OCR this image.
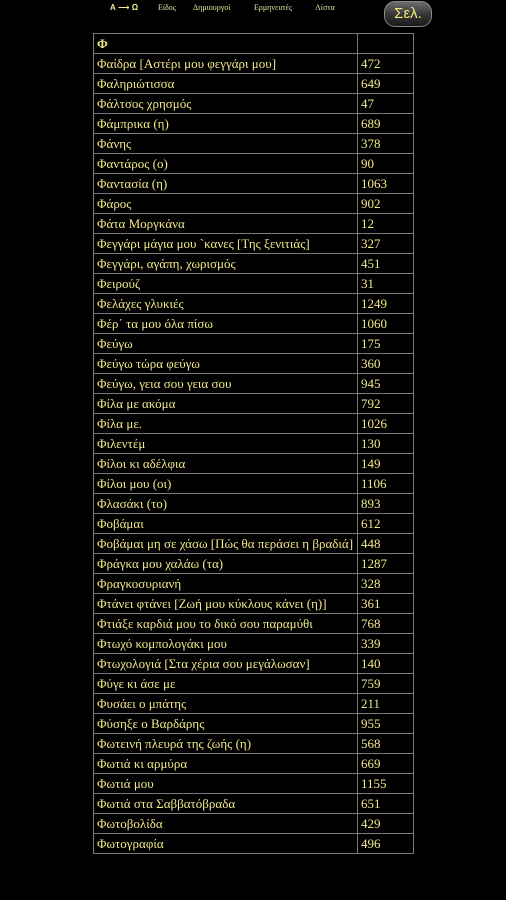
Α ⟶ Ω Είδος Δημιουργοί	Ερμηνευτές	Λίστα	Σελ.
Φ	
Φαίδρα [Αστέρι μου φεγγάρι μου]	472
Φαληριώτισσα	649
Φάλτσος χρησμός	47
Φάμπρικα (η)	689
Φάνης	378
Φαντάρος (ο)	90
Φαντασία (η)	1063
Φάρος	902
Φάτα Μοργκάνα	12
Φεγγάρι μάγια μου `κανες [Της ξενιτιάς]	327
Φεγγάρι, αγάπη, χωρισμός	451
Φειρούζ	31
Φελάχες γλυκιές	1249
Φέρ΄ τα μου όλα πίσω	1060
Φεύγω	175
Φεύγω τώρα φεύγω	360
Φεύγω, γεια σου γεια σου	945
Φίλα με ακόμα	792
Φίλα με.	1026
Φιλεντέμ	130
Φίλοι κι αδέλφια	149
Φίλοι μου (οι)	1106
Φλασάκι (το)	893
Φοβάμαι	612
Φοβάμαι μη σε χάσω [Πώς θα περάσει η βραδιά]	448
Φράγκα μου χαλάω (τα)	1287
Φραγκοσυριανή	328
Φτάνει φτάνει [Ζωή μου κύκλους κάνει (η)]	361
Φτιάξε καρδιά μου το δικό σου παραμύθι	768
Φτωχό κομπολογάκι μου	339
Φτωχολογιά [Στα χέρια σου μεγάλωσαν]	140
Φύγε κι άσε με	759
Φυσάει ο μπάτης	211
Φύσηξε ο Βαρδάρης	955
Φωτεινή πλευρά της ζωής (η)	568
Φωτιά κι αρμύρα	669
Φωτιά μου	1155
Φωτιά στα Σαββατόβραδα	651
Φωτοβολίδα	429
Φωτογραφία	496
